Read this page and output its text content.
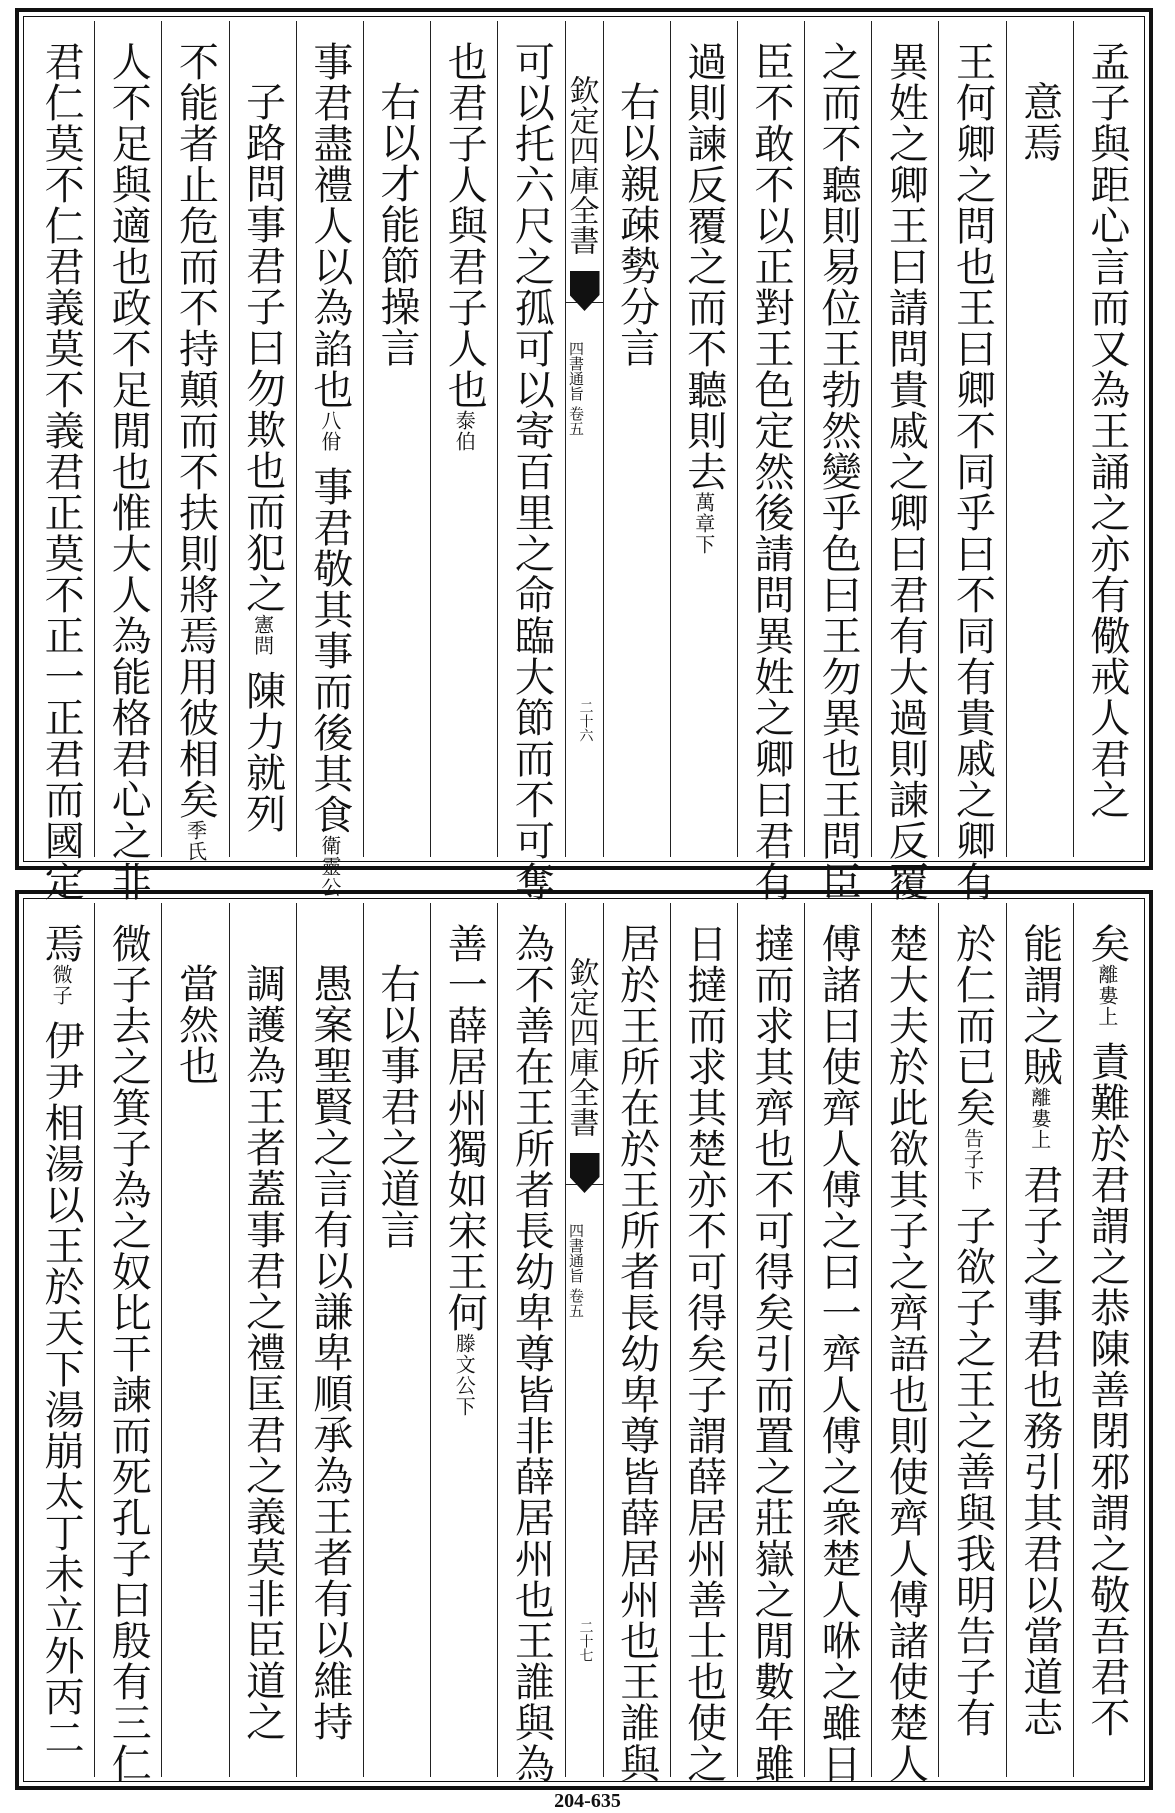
孟子與距心言而又為王誦之亦有儆戒人君之
意焉
王何卿之問也王曰卿不同乎曰不同有貴戚之卿有
異姓之卿王曰請問貴戚之卿曰君有大過則諫反覆
之而不聽則易位王勃然變乎色曰王勿異也王問臣
臣不敢不以正對王色定然後請問異姓之卿曰君有
過則諫反覆之而不聽則去萬章下
右以親疎勢分言
欽定四庫全書
四書通旨 卷五
二十六
可以托六尺之孤可以寄百里之命臨大節而不可奪
也君子人與君子人也泰伯
右以才能節操言
事君盡禮人以為諂也八佾 事君敬其事而後其食衛靈公
子路問事君子曰勿欺也而犯之憲問 陳力就列
不能者止危而不持顛而不扶則將焉用彼相矣季氏
人不足與適也政不足閒也惟大人為能格君心之非
君仁莫不仁君義莫不義君正莫不正一正君而國定
矣離婁上 責難於君謂之恭陳善閉邪謂之敬吾君不
能謂之賊離婁上 君子之事君也務引其君以當道志
於仁而已矣告子下 子欲子之王之善與我明告子有
楚大夫於此欲其子之齊語也則使齊人傅諸使楚人
傅諸曰使齊人傅之曰一齊人傅之衆楚人咻之雖日
撻而求其齊也不可得矣引而置之莊嶽之閒數年雖
日撻而求其楚亦不可得矣子謂薛居州善士也使之
居於王所在於王所者長幼卑尊皆薛居州也王誰與
欽定四庫全書
四書通旨 卷五
二十七
為不善在王所者長幼卑尊皆非薛居州也王誰與為
善一薛居州獨如宋王何滕文公下
右以事君之道言
愚案聖賢之言有以謙卑順承為王者有以維持
調護為王者蓋事君之禮匡君之義莫非臣道之
當然也
微子去之箕子為之奴比干諫而死孔子曰殷有三仁
焉微子 伊尹相湯以王於天下湯崩太丁未立外丙二
204-635
